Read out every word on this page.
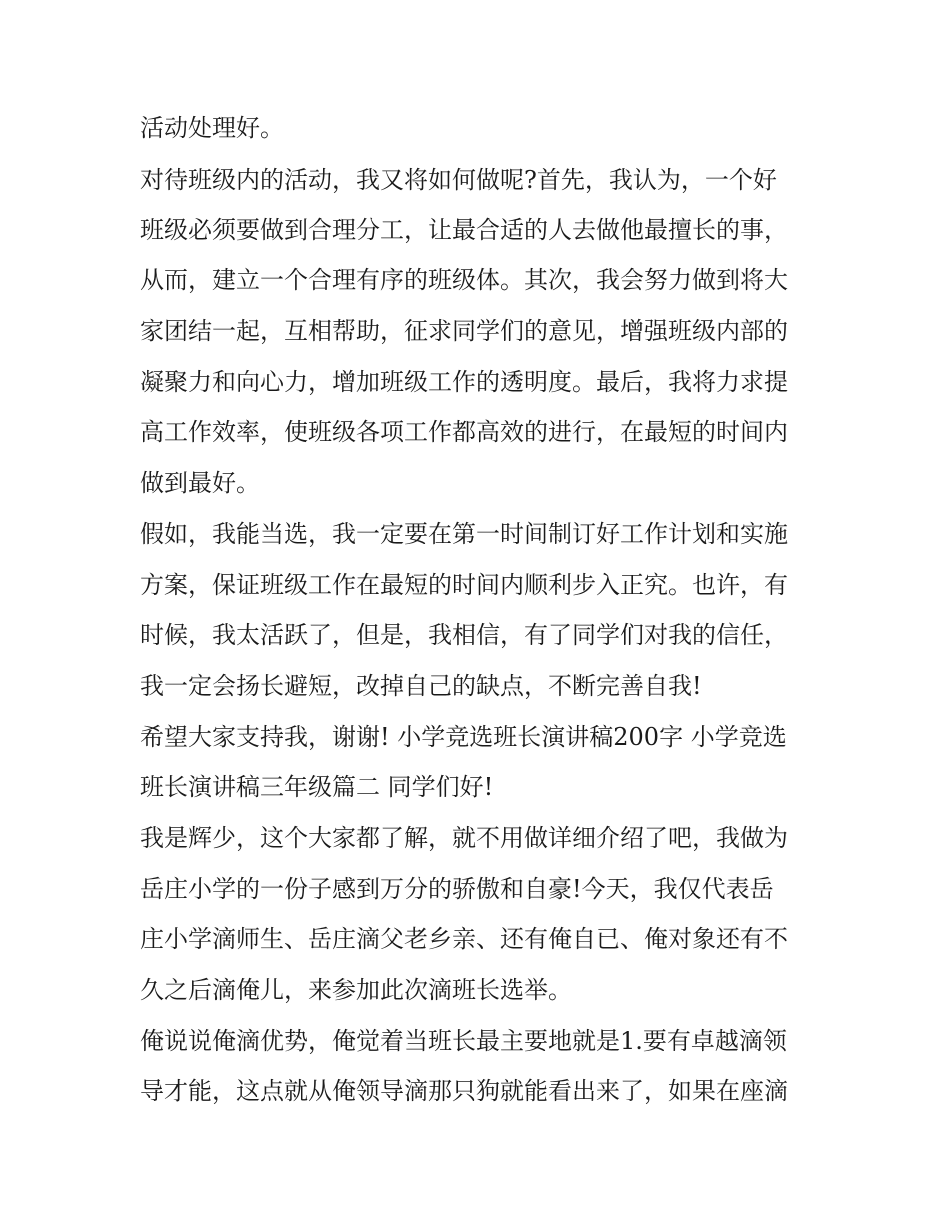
活动处理好。
对待班级内的活动，我又将如何做呢?首先，我认为，一个好
班级必须要做到合理分工，让最合适的人去做他最擅长的事，
从而，建立一个合理有序的班级体。其次，我会努力做到将大
家团结一起，互相帮助，征求同学们的意见，增强班级内部的
凝聚力和向心力，增加班级工作的透明度。最后，我将力求提
高工作效率，使班级各项工作都高效的进行，在最短的时间内
做到最好。
假如，我能当选，我一定要在第一时间制订好工作计划和实施
方案，保证班级工作在最短的时间内顺利步入正究。也许，有
时候，我太活跃了，但是，我相信，有了同学们对我的信任，
我一定会扬长避短，改掉自己的缺点，不断完善自我!
希望大家支持我，谢谢! 小学竞选班长演讲稿200字 小学竞选
班长演讲稿三年级篇二 同学们好!
我是辉少，这个大家都了解，就不用做详细介绍了吧，我做为
岳庄小学的一份子感到万分的骄傲和自豪!今天，我仅代表岳
庄小学滴师生、岳庄滴父老乡亲、还有俺自已、俺对象还有不
久之后滴俺儿，来参加此次滴班长选举。
俺说说俺滴优势，俺觉着当班长最主要地就是1.要有卓越滴领
导才能，这点就从俺领导滴那只狗就能看出来了，如果在座滴
